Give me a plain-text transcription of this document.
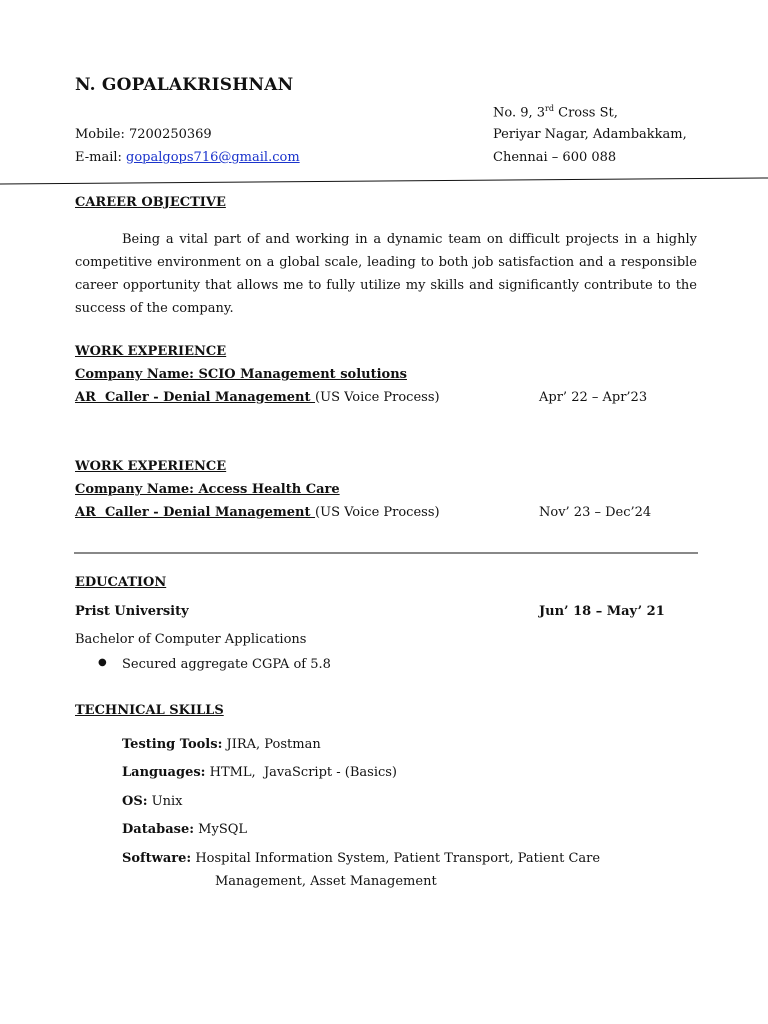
N. GOPALAKRISHNAN
Mobile: 7200250369
E-mail: gopalgops716@gmail.com
No. 9, 3rd Cross St,
Periyar Nagar, Adambakkam,
Chennai – 600 088
CAREER OBJECTIVE
Being a vital part of and working in a dynamic team on difficult projects in a highly competitive environment on a global scale, leading to both job satisfaction and a responsible career opportunity that allows me to fully utilize my skills and significantly contribute to the success of the company.
WORK EXPERIENCE
Company Name: SCIO Management solutions
AR  Caller - Denial Management (US Voice Process)	Apr’ 22 – Apr’23
WORK EXPERIENCE
Company Name: Access Health Care
AR  Caller - Denial Management (US Voice Process)	Nov’ 23 – Dec’24
EDUCATION
Prist University	Jun’ 18 – May’ 21
Bachelor of Computer Applications
● Secured aggregate CGPA of 5.8
TECHNICAL SKILLS
Testing Tools: JIRA, Postman
Languages: HTML,  JavaScript - (Basics)
OS: Unix
Database: MySQL
Software: Hospital Information System, Patient Transport, Patient Care
Management, Asset Management
